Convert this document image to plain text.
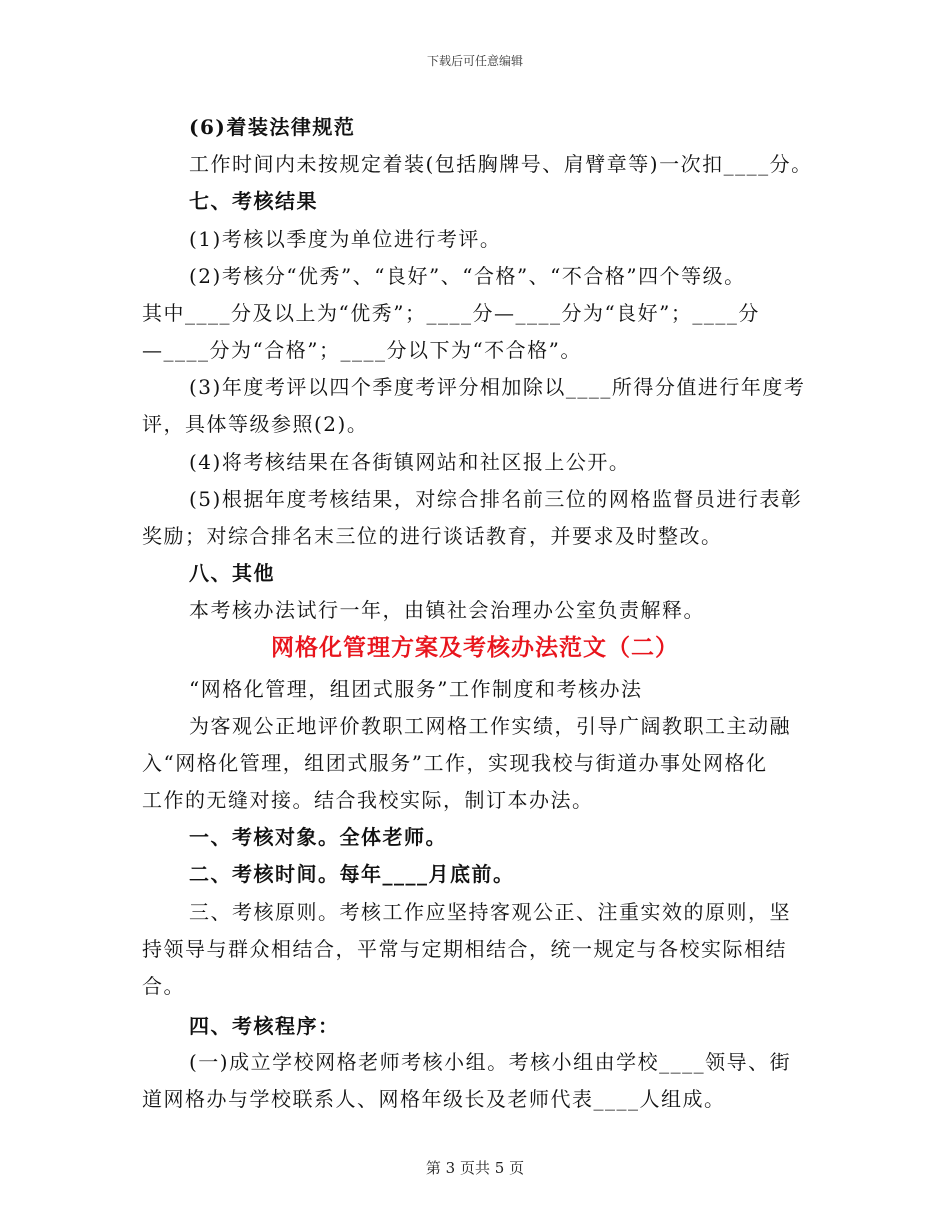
下载后可任意编辑
(6)着装法律规范
工作时间内未按规定着装(包括胸牌号、肩臂章等)一次扣____分。
七、考核结果
(1)考核以季度为单位进行考评。
(2)考核分“优秀”、“良好”、“合格”、“不合格”四个等级。
其中____分及以上为“优秀”；____分—____分为“良好”；____分
—____分为“合格”；____分以下为“不合格”。
(3)年度考评以四个季度考评分相加除以____所得分值进行年度考
评，具体等级参照(2)。
(4)将考核结果在各街镇网站和社区报上公开。
(5)根据年度考核结果，对综合排名前三位的网格监督员进行表彰
奖励；对综合排名末三位的进行谈话教育，并要求及时整改。
八、其他
本考核办法试行一年，由镇社会治理办公室负责解释。
网格化管理方案及考核办法范文（二）
“网格化管理，组团式服务”工作制度和考核办法
为客观公正地评价教职工网格工作实绩，引导广阔教职工主动融
入“网格化管理，组团式服务”工作，实现我校与街道办事处网格化
工作的无缝对接。结合我校实际，制订本办法。
一、考核对象。全体老师。
二、考核时间。每年____月底前。
三、考核原则。考核工作应坚持客观公正、注重实效的原则，坚
持领导与群众相结合，平常与定期相结合，统一规定与各校实际相结
合。
四、考核程序：
(一)成立学校网格老师考核小组。考核小组由学校____领导、街
道网格办与学校联系人、网格年级长及老师代表____人组成。
第 3 页共 5 页
